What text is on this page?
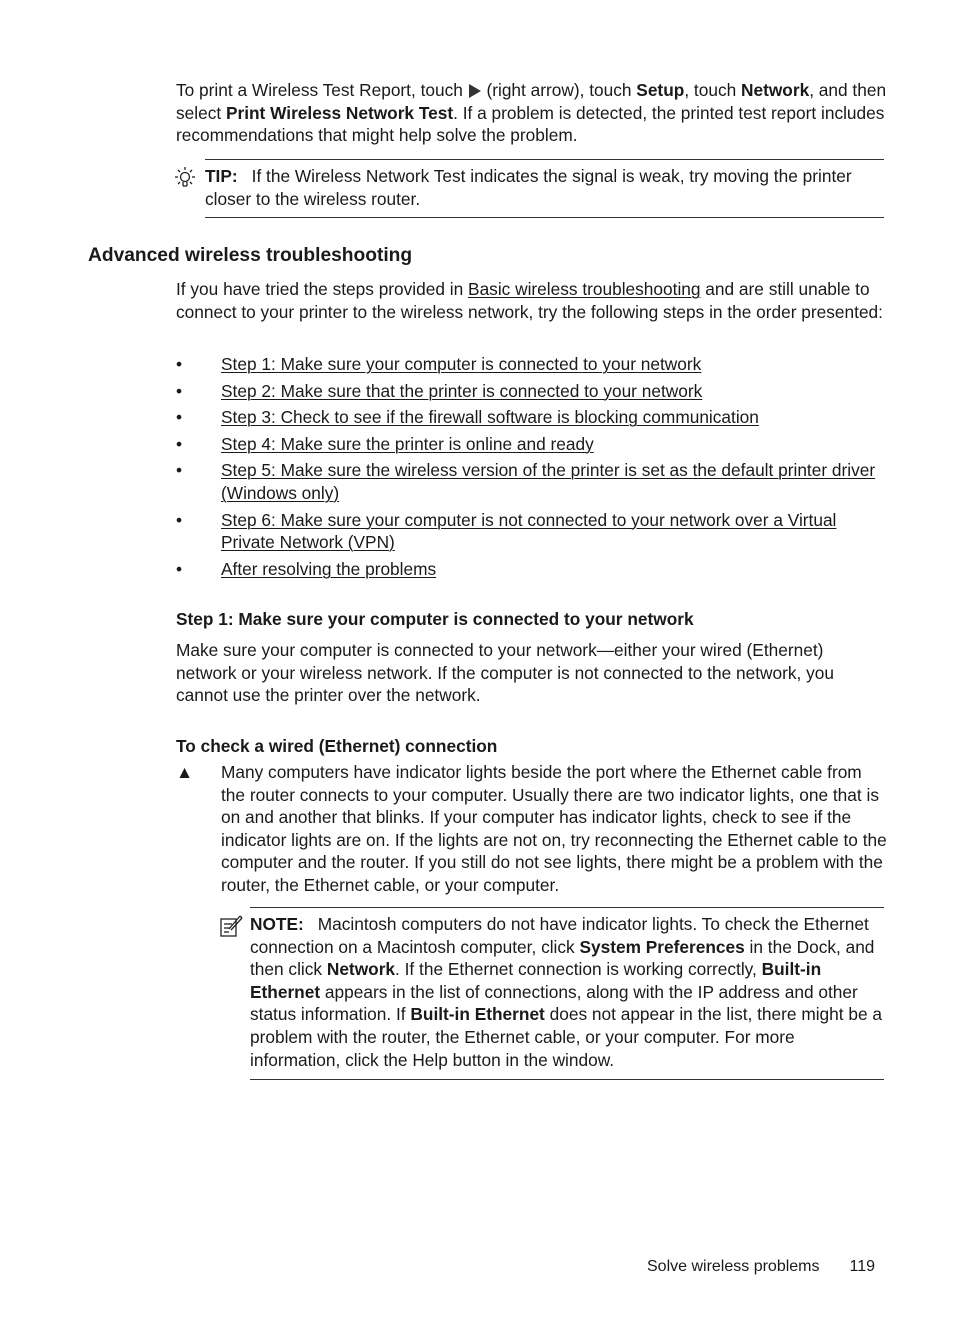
To print a Wireless Test Report, touch  (right arrow), touch Setup, touch Network, and then select Print Wireless Network Test. If a problem is detected, the printed test report includes recommendations that might help solve the problem.

TIP: If the Wireless Network Test indicates the signal is weak, try moving the printer closer to the wireless router.

Advanced wireless troubleshooting

If you have tried the steps provided in Basic wireless troubleshooting and are still unable to connect to your printer to the wireless network, try the following steps in the order presented:

• Step 1: Make sure your computer is connected to your network
• Step 2: Make sure that the printer is connected to your network
• Step 3: Check to see if the firewall software is blocking communication
• Step 4: Make sure the printer is online and ready
• Step 5: Make sure the wireless version of the printer is set as the default printer driver (Windows only)
• Step 6: Make sure your computer is not connected to your network over a Virtual Private Network (VPN)
• After resolving the problems
Step 1: Make sure your computer is connected to your network

Make sure your computer is connected to your network—either your wired (Ethernet) network or your wireless network. If the computer is not connected to the network, you cannot use the printer over the network.

To check a wired (Ethernet) connection
▲ Many computers have indicator lights beside the port where the Ethernet cable from the router connects to your computer. Usually there are two indicator lights, one that is on and another that blinks. If your computer has indicator lights, check to see if the indicator lights are on. If the lights are not on, try reconnecting the Ethernet cable to the computer and the router. If you still do not see lights, there might be a problem with the router, the Ethernet cable, or your computer.

NOTE: Macintosh computers do not have indicator lights. To check the Ethernet connection on a Macintosh computer, click System Preferences in the Dock, and then click Network. If the Ethernet connection is working correctly, Built-in Ethernet appears in the list of connections, along with the IP address and other status information. If Built-in Ethernet does not appear in the list, there might be a problem with the router, the Ethernet cable, or your computer. For more information, click the Help button in the window.

Solve wireless problems 119
